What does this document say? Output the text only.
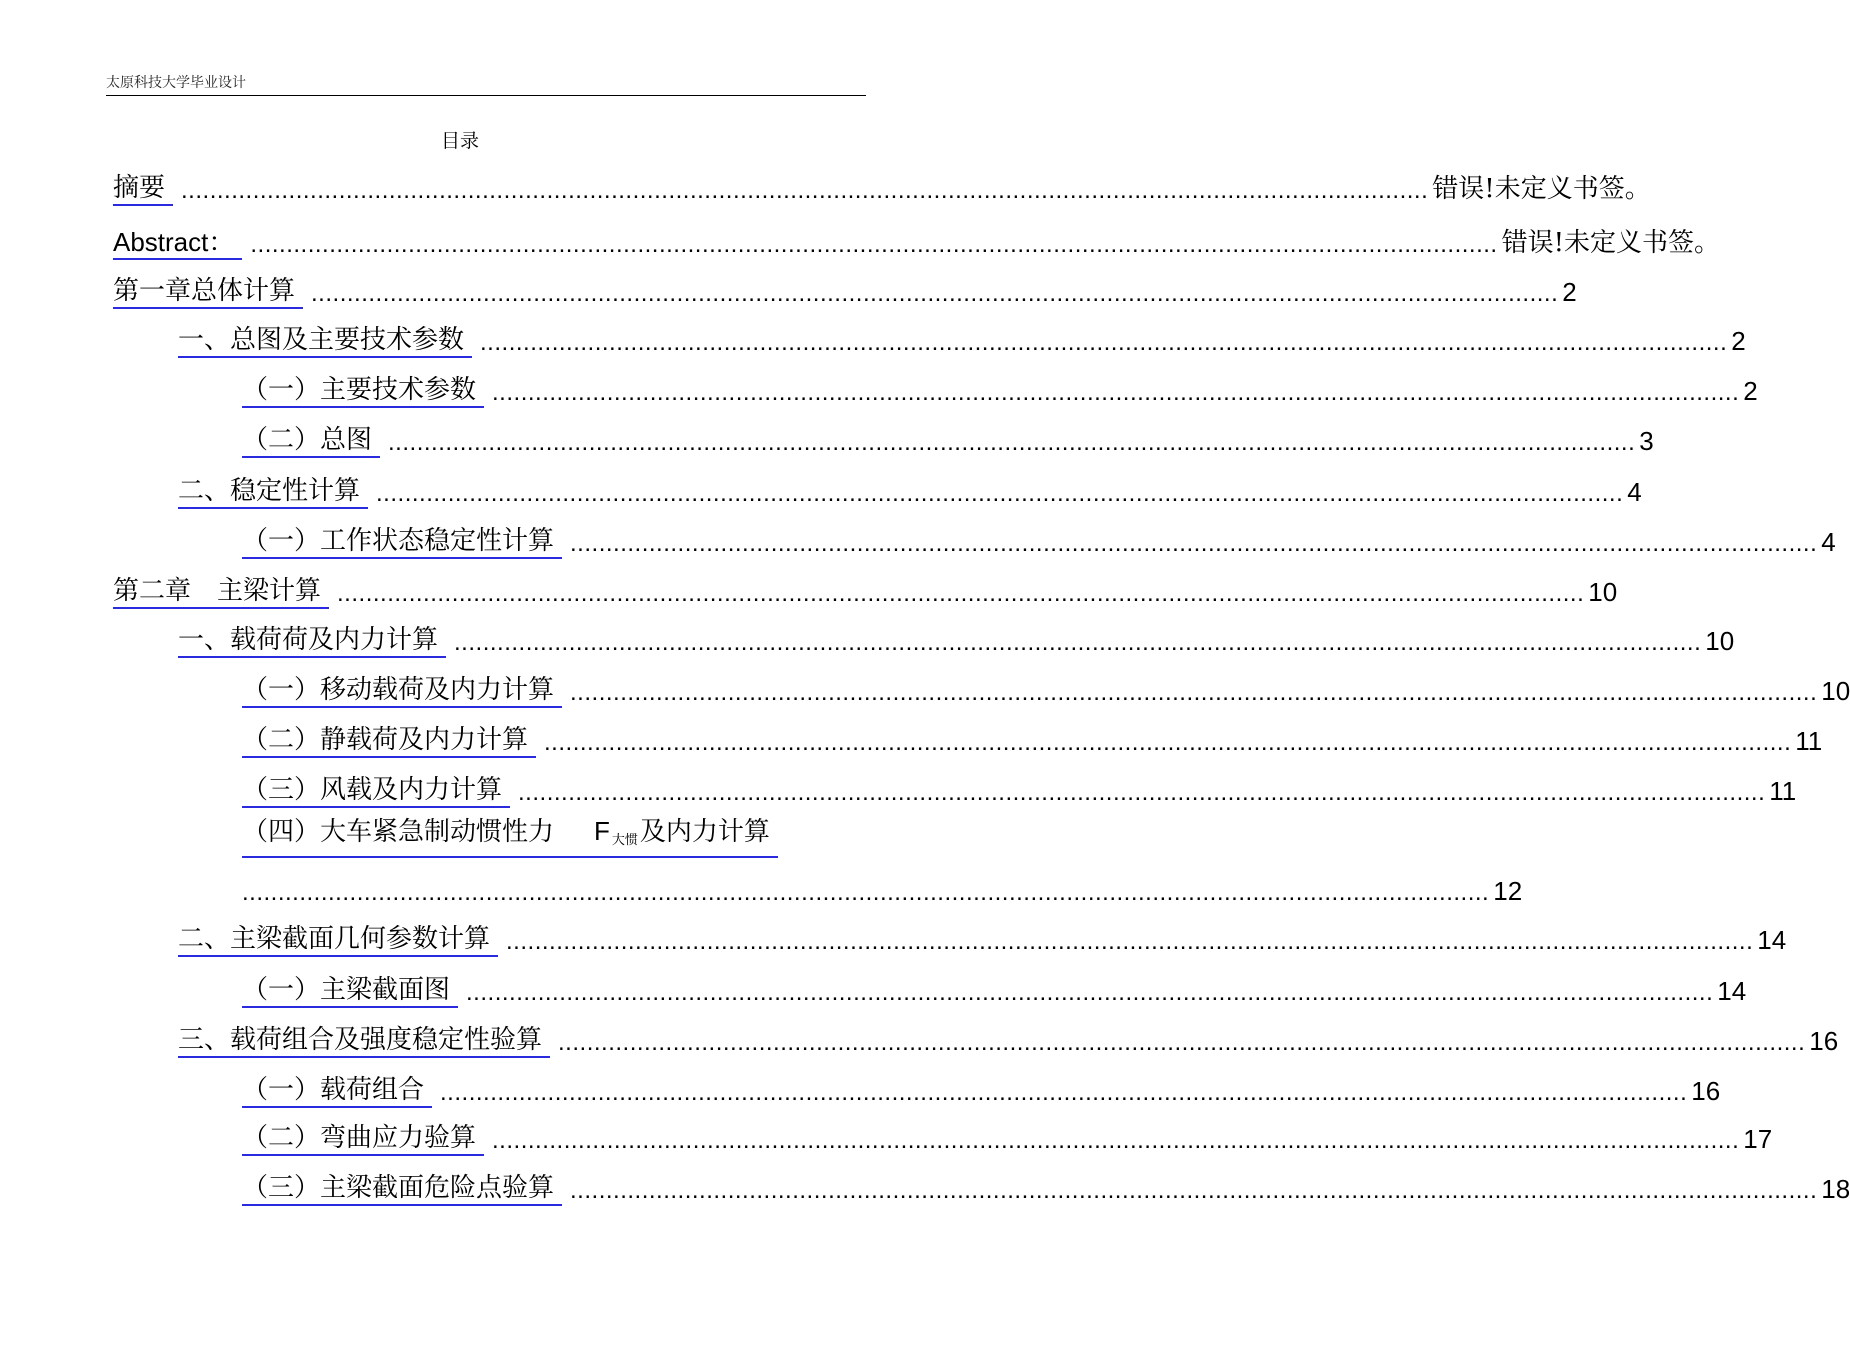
太原科技大学毕业设计
目录
摘要 .............................................................................................................................................................................. 错误!未定义书签。
Abstract： .............................................................................................................................................................................. 错误!未定义书签。
第一章总体计算 .............................................................................................................................................................................. 2
一、总图及主要技术参数 .............................................................................................................................................................................. 2
（一）主要技术参数 .............................................................................................................................................................................. 2
（二）总图 .............................................................................................................................................................................. 3
二、稳定性计算 .............................................................................................................................................................................. 4
（一）工作状态稳定性计算 .............................................................................................................................................................................. 4
第二章　主梁计算 .............................................................................................................................................................................. 10
一、载荷荷及内力计算 .............................................................................................................................................................................. 10
（一）移动载荷及内力计算 .............................................................................................................................................................................. 10
（二）静载荷及内力计算 .............................................................................................................................................................................. 11
（三）风载及内力计算 .............................................................................................................................................................................. 11
（四）大车紧急制动惯性力 F $_{大惯}$及内力计算
.............................................................................................................................................................................. 12
二、主梁截面几何参数计算 .............................................................................................................................................................................. 14
（一）主梁截面图 .............................................................................................................................................................................. 14
三、载荷组合及强度稳定性验算 .............................................................................................................................................................................. 16
（一）载荷组合 .............................................................................................................................................................................. 16
（二）弯曲应力验算 .............................................................................................................................................................................. 17
（三）主梁截面危险点验算 .............................................................................................................................................................................. 18
